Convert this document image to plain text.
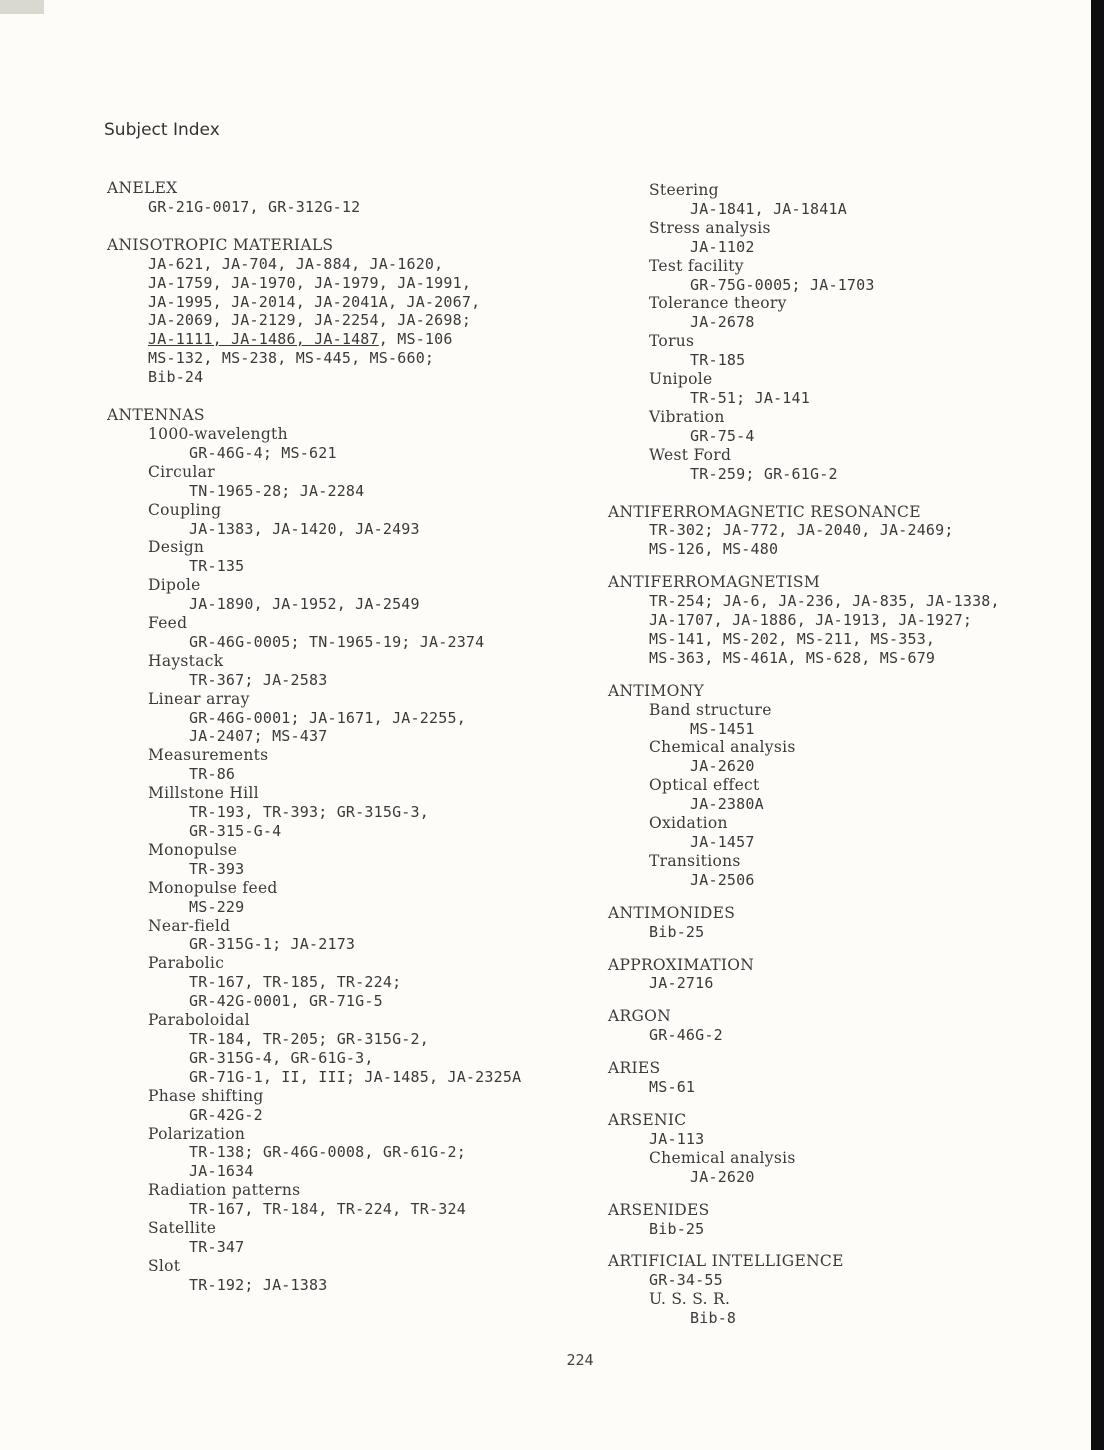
Subject Index
ANELEX
GR-21G-0017, GR-312G-12
ANISOTROPIC MATERIALS
JA-621, JA-704, JA-884, JA-1620,
JA-1759, JA-1970, JA-1979, JA-1991,
JA-1995, JA-2014, JA-2041A, JA-2067,
JA-2069, JA-2129, JA-2254, JA-2698;
JA-1111, JA-1486, JA-1487, MS-106
MS-132, MS-238, MS-445, MS-660;
Bib-24
ANTENNAS
1000-wavelength
GR-46G-4; MS-621
Circular
TN-1965-28; JA-2284
Coupling
JA-1383, JA-1420, JA-2493
Design
TR-135
Dipole
JA-1890, JA-1952, JA-2549
Feed
GR-46G-0005; TN-1965-19; JA-2374
Haystack
TR-367; JA-2583
Linear array
GR-46G-0001; JA-1671, JA-2255,
JA-2407; MS-437
Measurements
TR-86
Millstone Hill
TR-193, TR-393; GR-315G-3,
GR-315-G-4
Monopulse
TR-393
Monopulse feed
MS-229
Near-field
GR-315G-1; JA-2173
Parabolic
TR-167, TR-185, TR-224;
GR-42G-0001, GR-71G-5
Paraboloidal
TR-184, TR-205; GR-315G-2,
GR-315G-4, GR-61G-3,
GR-71G-1, II, III; JA-1485, JA-2325A
Phase shifting
GR-42G-2
Polarization
TR-138; GR-46G-0008, GR-61G-2;
JA-1634
Radiation patterns
TR-167, TR-184, TR-224, TR-324
Satellite
TR-347
Slot
TR-192; JA-1383
Steering
JA-1841, JA-1841A
Stress analysis
JA-1102
Test facility
GR-75G-0005; JA-1703
Tolerance theory
JA-2678
Torus
TR-185
Unipole
TR-51; JA-141
Vibration
GR-75-4
West Ford
TR-259; GR-61G-2
ANTIFERROMAGNETIC RESONANCE
TR-302; JA-772, JA-2040, JA-2469;
MS-126, MS-480
ANTIFERROMAGNETISM
TR-254; JA-6, JA-236, JA-835, JA-1338,
JA-1707, JA-1886, JA-1913, JA-1927;
MS-141, MS-202, MS-211, MS-353,
MS-363, MS-461A, MS-628, MS-679
ANTIMONY
Band structure
MS-1451
Chemical analysis
JA-2620
Optical effect
JA-2380A
Oxidation
JA-1457
Transitions
JA-2506
ANTIMONIDES
Bib-25
APPROXIMATION
JA-2716
ARGON
GR-46G-2
ARIES
MS-61
ARSENIC
JA-113
Chemical analysis
JA-2620
ARSENIDES
Bib-25
ARTIFICIAL INTELLIGENCE
GR-34-55
U. S. S. R.
Bib-8
224
